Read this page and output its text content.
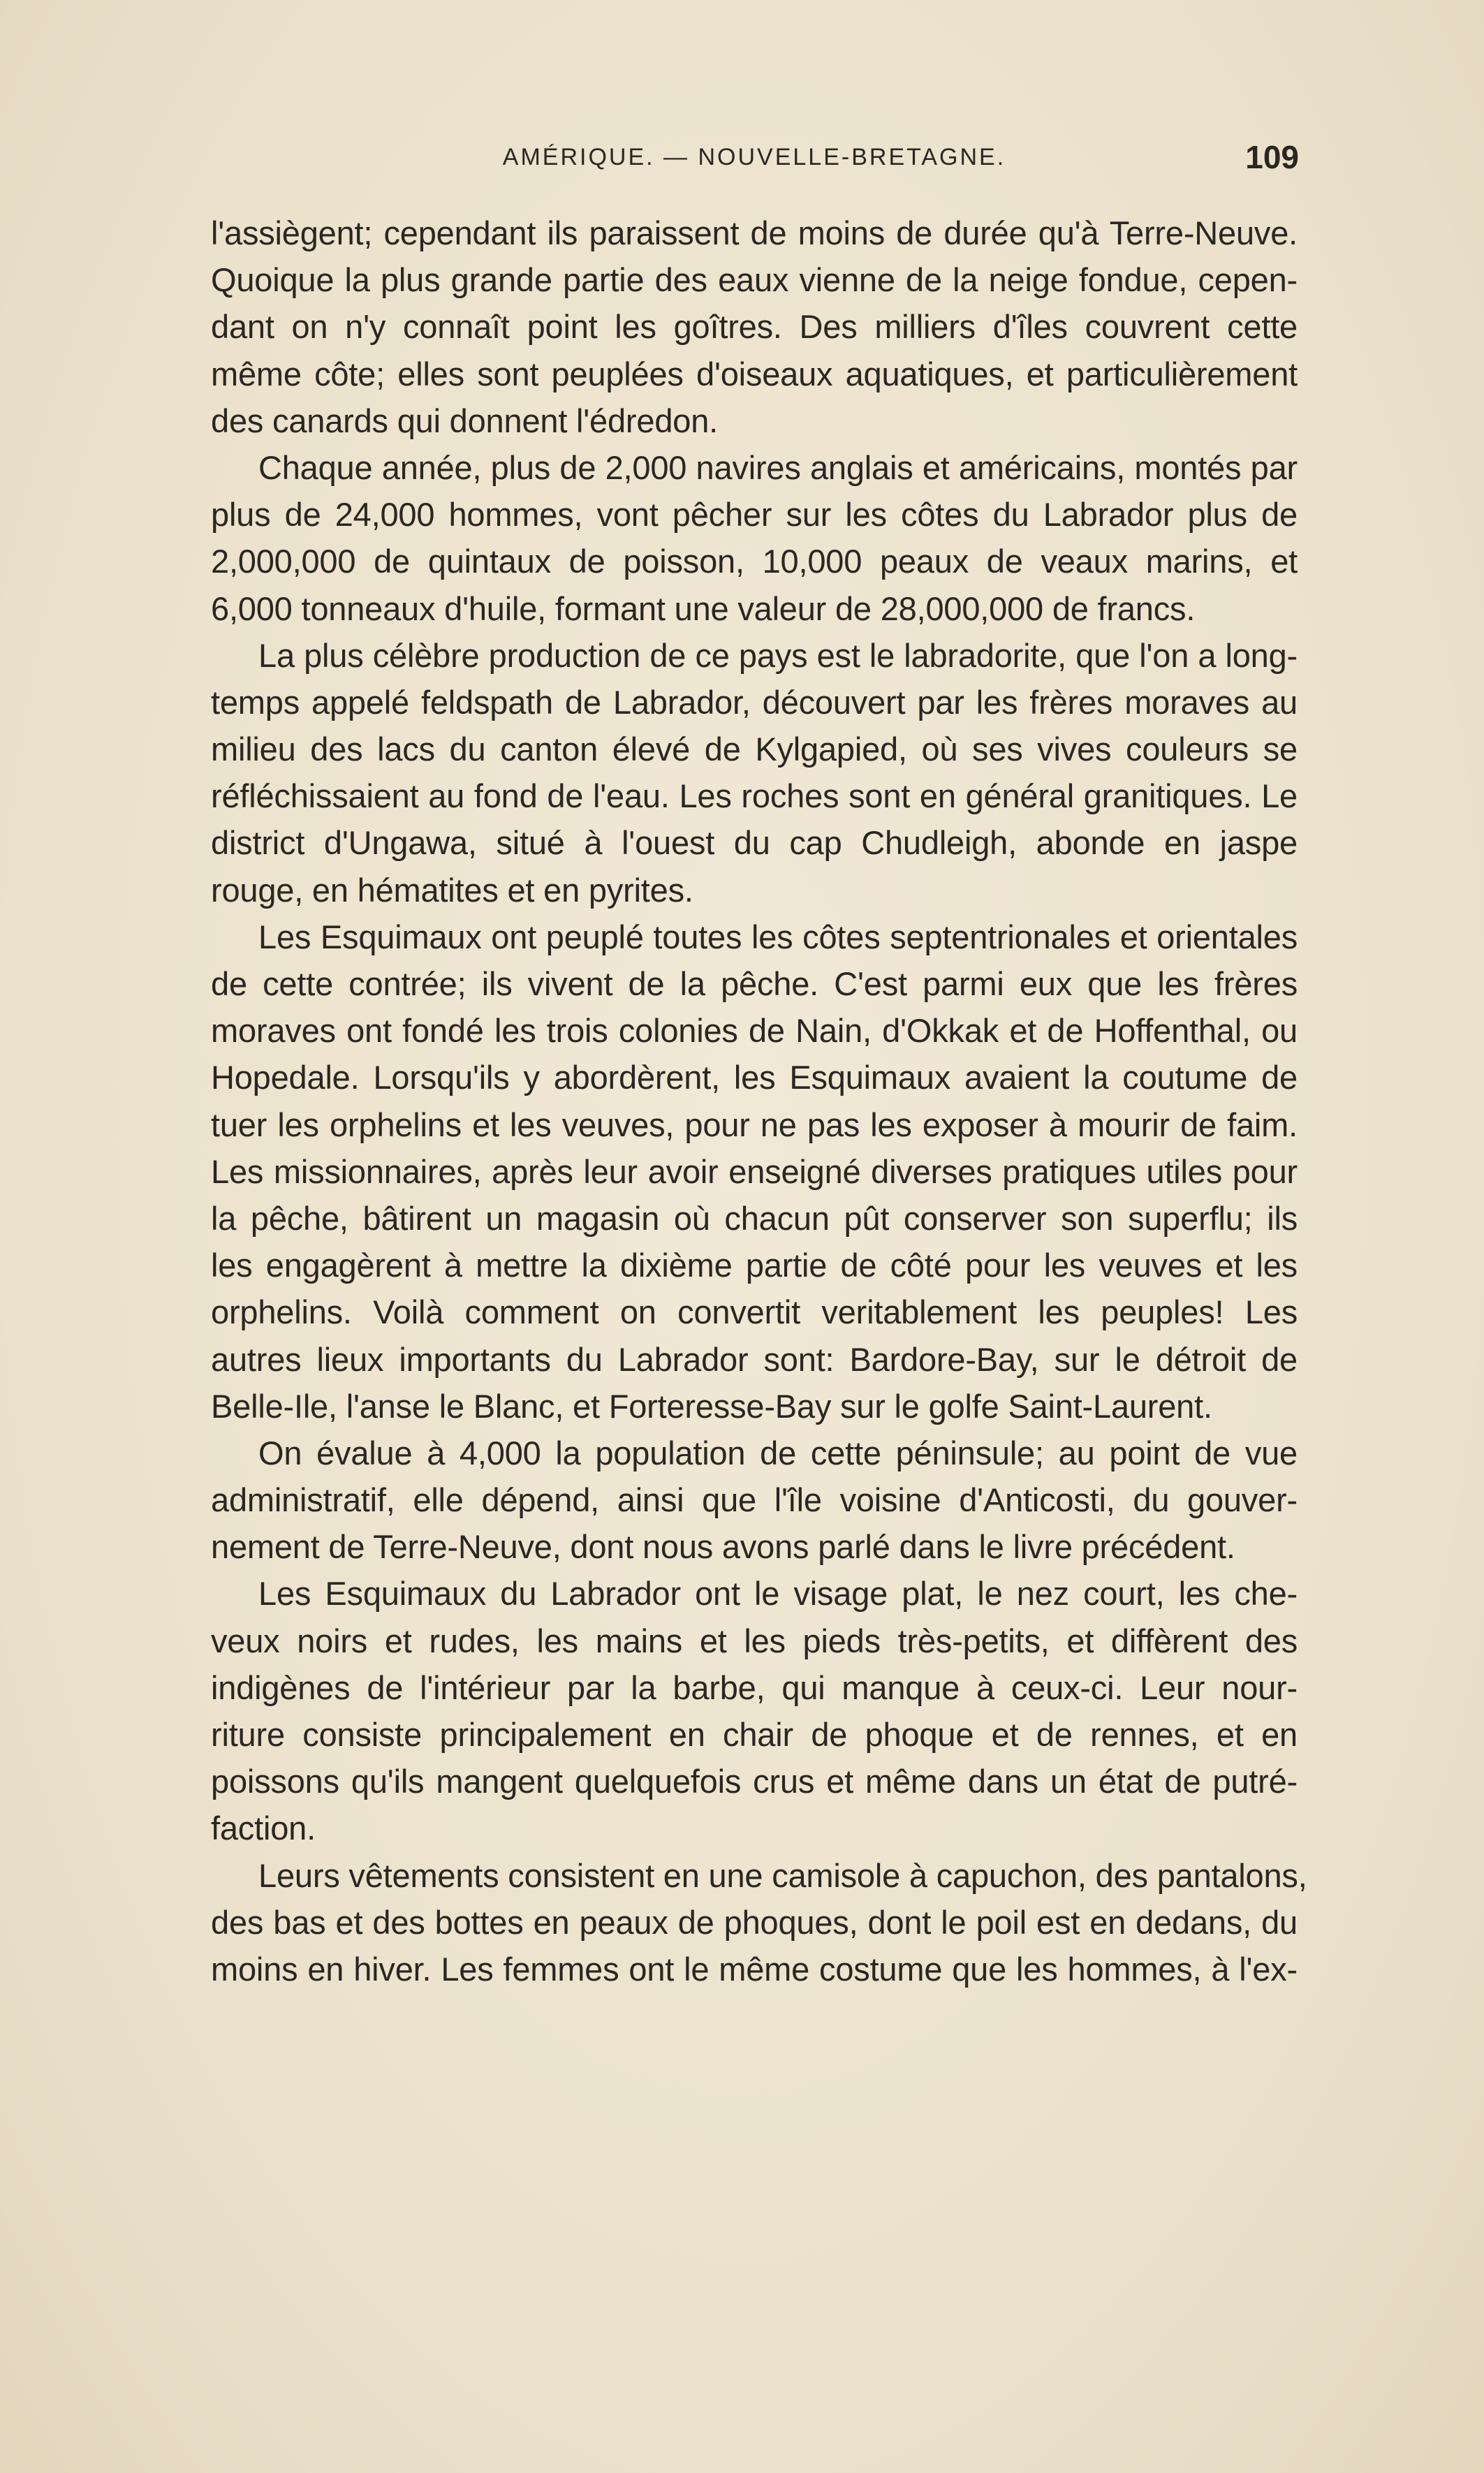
AMÉRIQUE. — NOUVELLE-BRETAGNE.	109
l'assiègent; cependant ils paraissent de moins de durée qu'à Terre-Neuve.
Quoique la plus grande partie des eaux vienne de la neige fondue, cepen-
dant on n'y connaît point les goîtres. Des milliers d'îles couvrent cette
même côte; elles sont peuplées d'oiseaux aquatiques, et particulièrement
des canards qui donnent l'édredon.
Chaque année, plus de 2,000 navires anglais et américains, montés par
plus de 24,000 hommes, vont pêcher sur les côtes du Labrador plus de
2,000,000 de quintaux de poisson, 10,000 peaux de veaux marins, et
6,000 tonneaux d'huile, formant une valeur de 28,000,000 de francs.
La plus célèbre production de ce pays est le labradorite, que l'on a long-
temps appelé feldspath de Labrador, découvert par les frères moraves au
milieu des lacs du canton élevé de Kylgapied, où ses vives couleurs se
réfléchissaient au fond de l'eau. Les roches sont en général granitiques. Le
district d'Ungawa, situé à l'ouest du cap Chudleigh, abonde en jaspe
rouge, en hématites et en pyrites.
Les Esquimaux ont peuplé toutes les côtes septentrionales et orientales
de cette contrée; ils vivent de la pêche. C'est parmi eux que les frères
moraves ont fondé les trois colonies de Nain, d'Okkak et de Hoffenthal, ou
Hopedale. Lorsqu'ils y abordèrent, les Esquimaux avaient la coutume de
tuer les orphelins et les veuves, pour ne pas les exposer à mourir de faim.
Les missionnaires, après leur avoir enseigné diverses pratiques utiles pour
la pêche, bâtirent un magasin où chacun pût conserver son superflu; ils
les engagèrent à mettre la dixième partie de côté pour les veuves et les
orphelins. Voilà comment on convertit veritablement les peuples! Les
autres lieux importants du Labrador sont: Bardore-Bay, sur le détroit de
Belle-Ile, l'anse le Blanc, et Forteresse-Bay sur le golfe Saint-Laurent.
On évalue à 4,000 la population de cette péninsule; au point de vue
administratif, elle dépend, ainsi que l'île voisine d'Anticosti, du gouver-
nement de Terre-Neuve, dont nous avons parlé dans le livre précédent.
Les Esquimaux du Labrador ont le visage plat, le nez court, les che-
veux noirs et rudes, les mains et les pieds très-petits, et diffèrent des
indigènes de l'intérieur par la barbe, qui manque à ceux-ci. Leur nour-
riture consiste principalement en chair de phoque et de rennes, et en
poissons qu'ils mangent quelquefois crus et même dans un état de putré-
faction.
Leurs vêtements consistent en une camisole à capuchon, des pantalons,
des bas et des bottes en peaux de phoques, dont le poil est en dedans, du
moins en hiver. Les femmes ont le même costume que les hommes, à l'ex-
